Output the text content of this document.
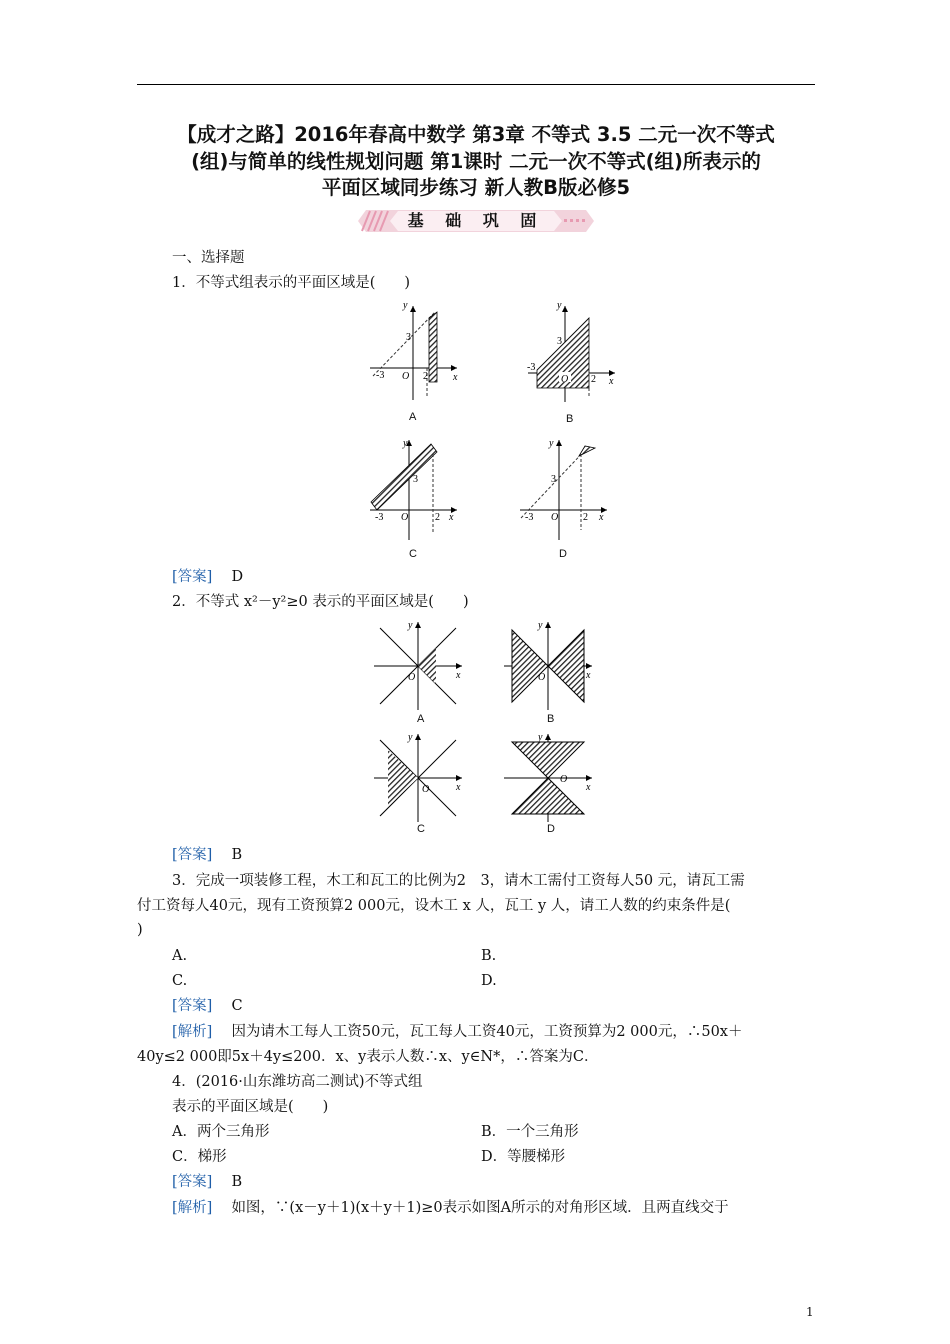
【成才之路】2016年春高中数学 第3章 不等式 3.5 二元一次不等式
(组)与简单的线性规划问题 第1课时 二元一次不等式(组)所表示的
平面区域同步练习 新人教B版必修5
基 础 巩 固
一、选择题
1．不等式组表示的平面区域是(　　)
y
x
O
3
-3	2
A
y
x
O
3
-3
2
B
y
x
O
3
-3	2
C
y
x
O
3
-3	2
D
[答案]　 D
2．不等式 x²－y²≥0 表示的平面区域是(　　)
y
x
O
A
y
x
O
B
y
x
O
C
y
x
O
D
[答案]　 B
3．完成一项装修工程，木工和瓦工的比例为2　3，请木工需付工资每人50 元，请瓦工需
付工资每人40元，现有工资预算2 000元，设木工 x 人，瓦工 y 人，请工人数的约束条件是(
)
A.	B.
C.	D.
[答案]　 C
[解析]　 因为请木工每人工资50元，瓦工每人工资40元，工资预算为2 000元，∴50x＋
40y≤2 000即5x＋4y≤200．x、y表示人数∴x、y∈N*，∴答案为C．
4．(2016·山东潍坊高二测试)不等式组
表示的平面区域是(　　)
A．两个三角形	B．一个三角形
C．梯形	D．等腰梯形
[答案]　 B
[解析]　 如图，∵(x－y＋1)(x＋y＋1)≥0表示如图A所示的对角形区域．且两直线交于
1
